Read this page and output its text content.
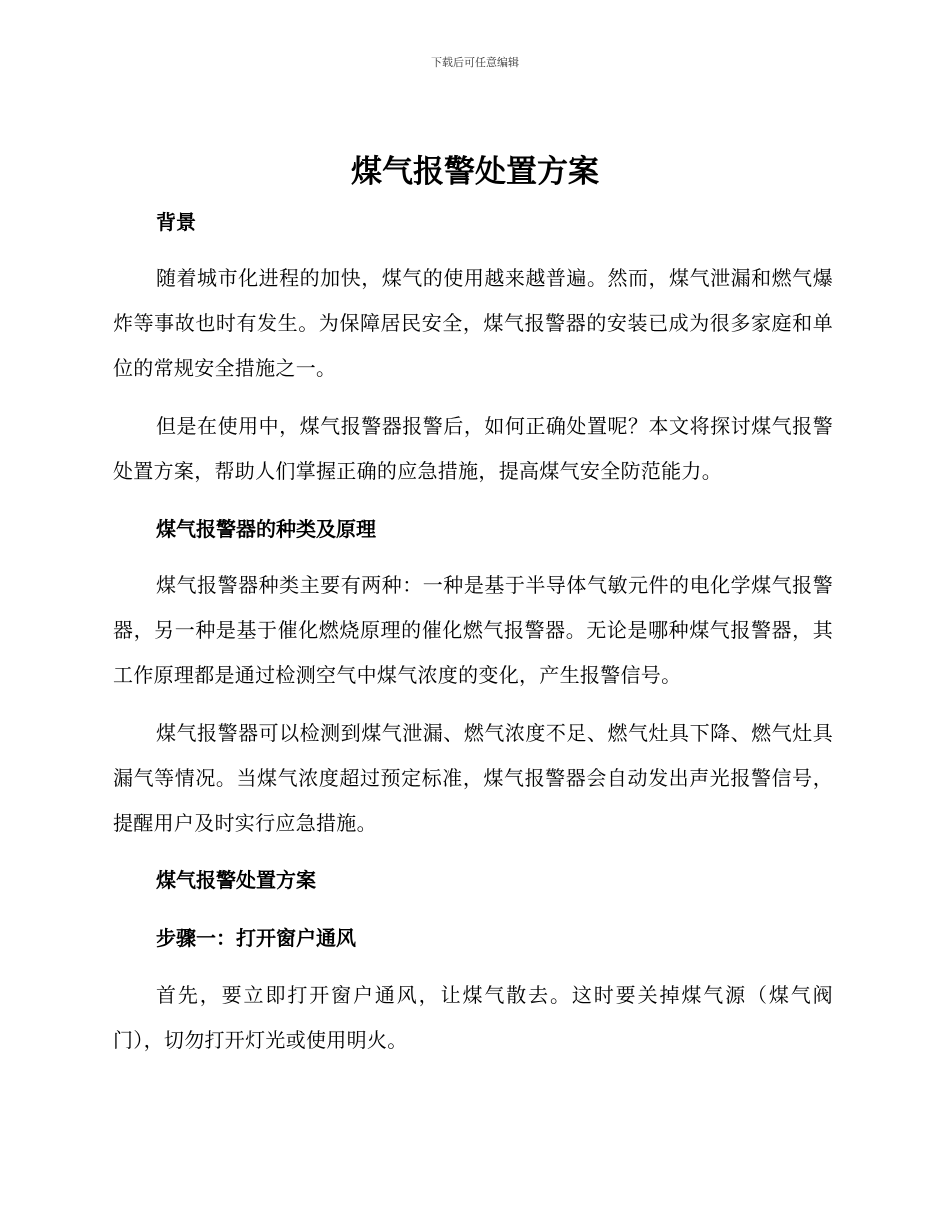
下载后可任意编辑
煤气报警处置方案
背景

随着城市化进程的加快，煤气的使用越来越普遍。然而，煤气泄漏和燃气爆炸等事故也时有发生。为保障居民安全，煤气报警器的安装已成为很多家庭和单位的常规安全措施之一。

但是在使用中，煤气报警器报警后，如何正确处置呢？本文将探讨煤气报警处置方案，帮助人们掌握正确的应急措施，提高煤气安全防范能力。

煤气报警器的种类及原理

煤气报警器种类主要有两种：一种是基于半导体气敏元件的电化学煤气报警器，另一种是基于催化燃烧原理的催化燃气报警器。无论是哪种煤气报警器，其工作原理都是通过检测空气中煤气浓度的变化，产生报警信号。

煤气报警器可以检测到煤气泄漏、燃气浓度不足、燃气灶具下降、燃气灶具漏气等情况。当煤气浓度超过预定标准，煤气报警器会自动发出声光报警信号，提醒用户及时实行应急措施。

煤气报警处置方案
步骤一：打开窗户通风

首先，要立即打开窗户通风，让煤气散去。这时要关掉煤气源（煤气阀门），切勿打开灯光或使用明火。
